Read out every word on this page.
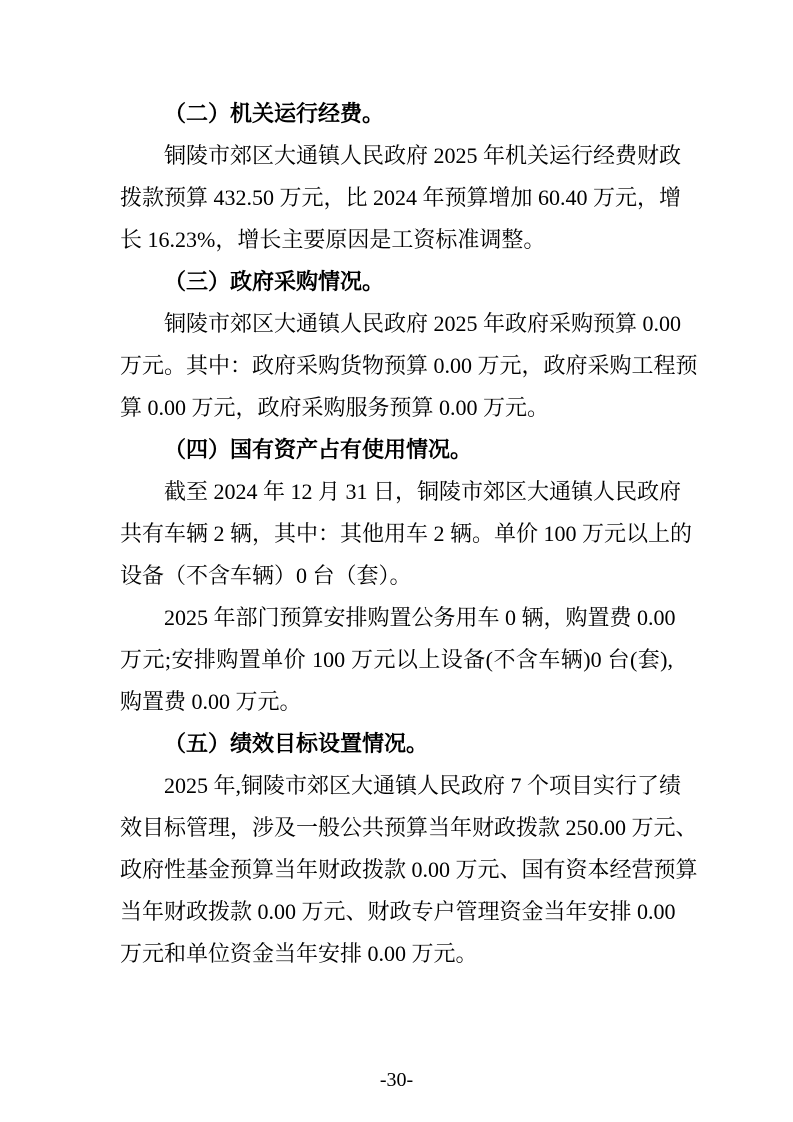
（二）机关运行经费。
铜陵市郊区大通镇人民政府 2025 年机关运行经费财政
拨款预算 432.50 万元，比 2024 年预算增加 60.40 万元，增
长 16.23%，增长主要原因是工资标准调整。
（三）政府采购情况。
铜陵市郊区大通镇人民政府 2025 年政府采购预算 0.00
万元。其中：政府采购货物预算 0.00 万元，政府采购工程预
算 0.00 万元，政府采购服务预算 0.00 万元。
（四）国有资产占有使用情况。
截至 2024 年 12 月 31 日，铜陵市郊区大通镇人民政府
共有车辆 2 辆，其中：其他用车 2 辆。单价 100 万元以上的
设备（不含车辆）0 台（套）。
2025 年部门预算安排购置公务用车 0 辆，购置费 0.00
万元;安排购置单价 100 万元以上设备(不含车辆)0 台(套),
购置费 0.00 万元。
（五）绩效目标设置情况。
2025 年,铜陵市郊区大通镇人民政府 7 个项目实行了绩
效目标管理，涉及一般公共预算当年财政拨款 250.00 万元、
政府性基金预算当年财政拨款 0.00 万元、国有资本经营预算
当年财政拨款 0.00 万元、财政专户管理资金当年安排 0.00
万元和单位资金当年安排 0.00 万元。
-30-
